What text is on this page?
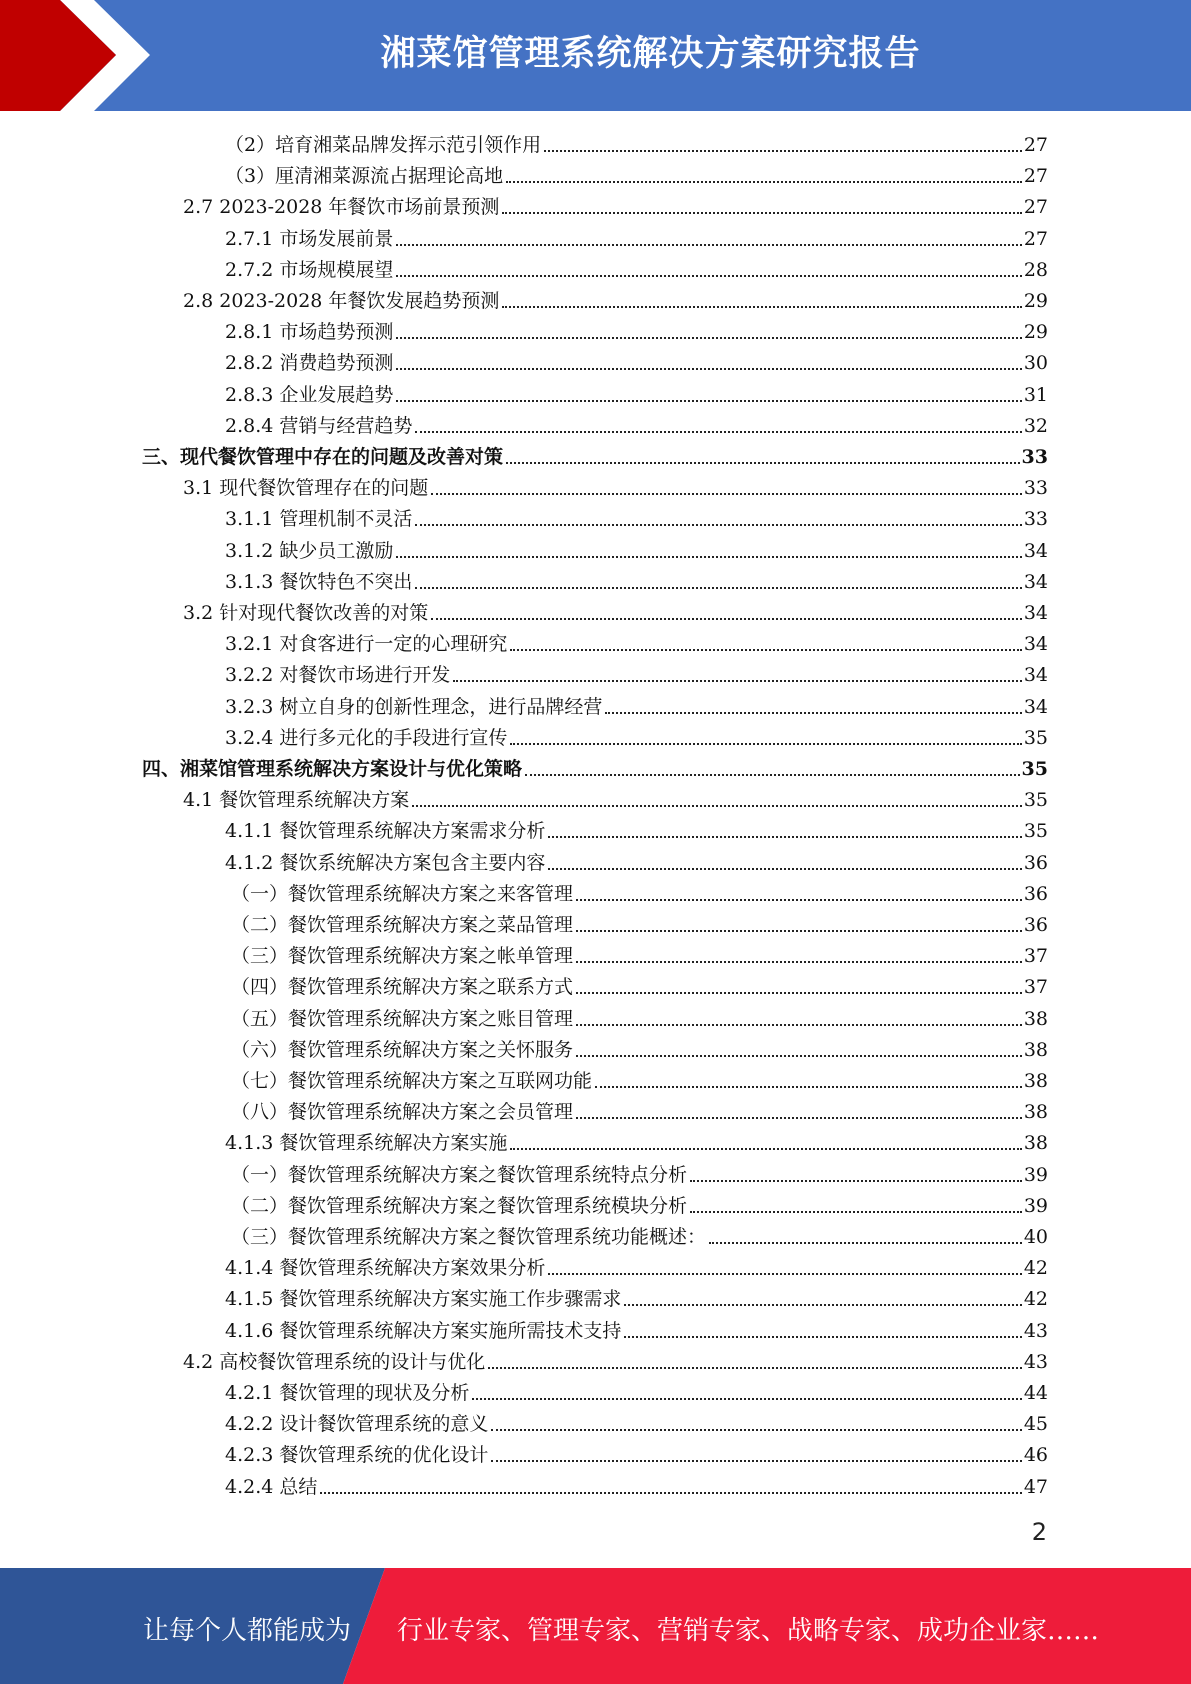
湘菜馆管理系统解决方案研究报告
（2）培育湘菜品牌发挥示范引领作用	27
（3）厘清湘菜源流占据理论高地	27
2.7 2023-2028 年餐饮市场前景预测	27
2.7.1 市场发展前景	27
2.7.2 市场规模展望	28
2.8 2023-2028 年餐饮发展趋势预测	29
2.8.1 市场趋势预测	29
2.8.2 消费趋势预测	30
2.8.3 企业发展趋势	31
2.8.4 营销与经营趋势	32
三、现代餐饮管理中存在的问题及改善对策	33
3.1 现代餐饮管理存在的问题	33
3.1.1 管理机制不灵活	33
3.1.2 缺少员工激励	34
3.1.3 餐饮特色不突出	34
3.2 针对现代餐饮改善的对策	34
3.2.1 对食客进行一定的心理研究	34
3.2.2 对餐饮市场进行开发	34
3.2.3 树立自身的创新性理念，进行品牌经营	34
3.2.4 进行多元化的手段进行宣传	35
四、湘菜馆管理系统解决方案设计与优化策略	35
4.1 餐饮管理系统解决方案	35
4.1.1 餐饮管理系统解决方案需求分析	35
4.1.2 餐饮系统解决方案包含主要内容	36
（一）餐饮管理系统解决方案之来客管理	36
（二）餐饮管理系统解决方案之菜品管理	36
（三）餐饮管理系统解决方案之帐单管理	37
（四）餐饮管理系统解决方案之联系方式	37
（五）餐饮管理系统解决方案之账目管理	38
（六）餐饮管理系统解决方案之关怀服务	38
（七）餐饮管理系统解决方案之互联网功能	38
（八）餐饮管理系统解决方案之会员管理	38
4.1.3 餐饮管理系统解决方案实施	38
（一）餐饮管理系统解决方案之餐饮管理系统特点分析	39
（二）餐饮管理系统解决方案之餐饮管理系统模块分析	39
（三）餐饮管理系统解决方案之餐饮管理系统功能概述：	40
4.1.4 餐饮管理系统解决方案效果分析	42
4.1.5 餐饮管理系统解决方案实施工作步骤需求	42
4.1.6 餐饮管理系统解决方案实施所需技术支持	43
4.2 高校餐饮管理系统的设计与优化	43
4.2.1 餐饮管理的现状及分析	44
4.2.2 设计餐饮管理系统的意义	45
4.2.3 餐饮管理系统的优化设计	46
4.2.4 总结	47
2
让每个人都能成为 行业专家、管理专家、营销专家、战略专家、成功企业家……
